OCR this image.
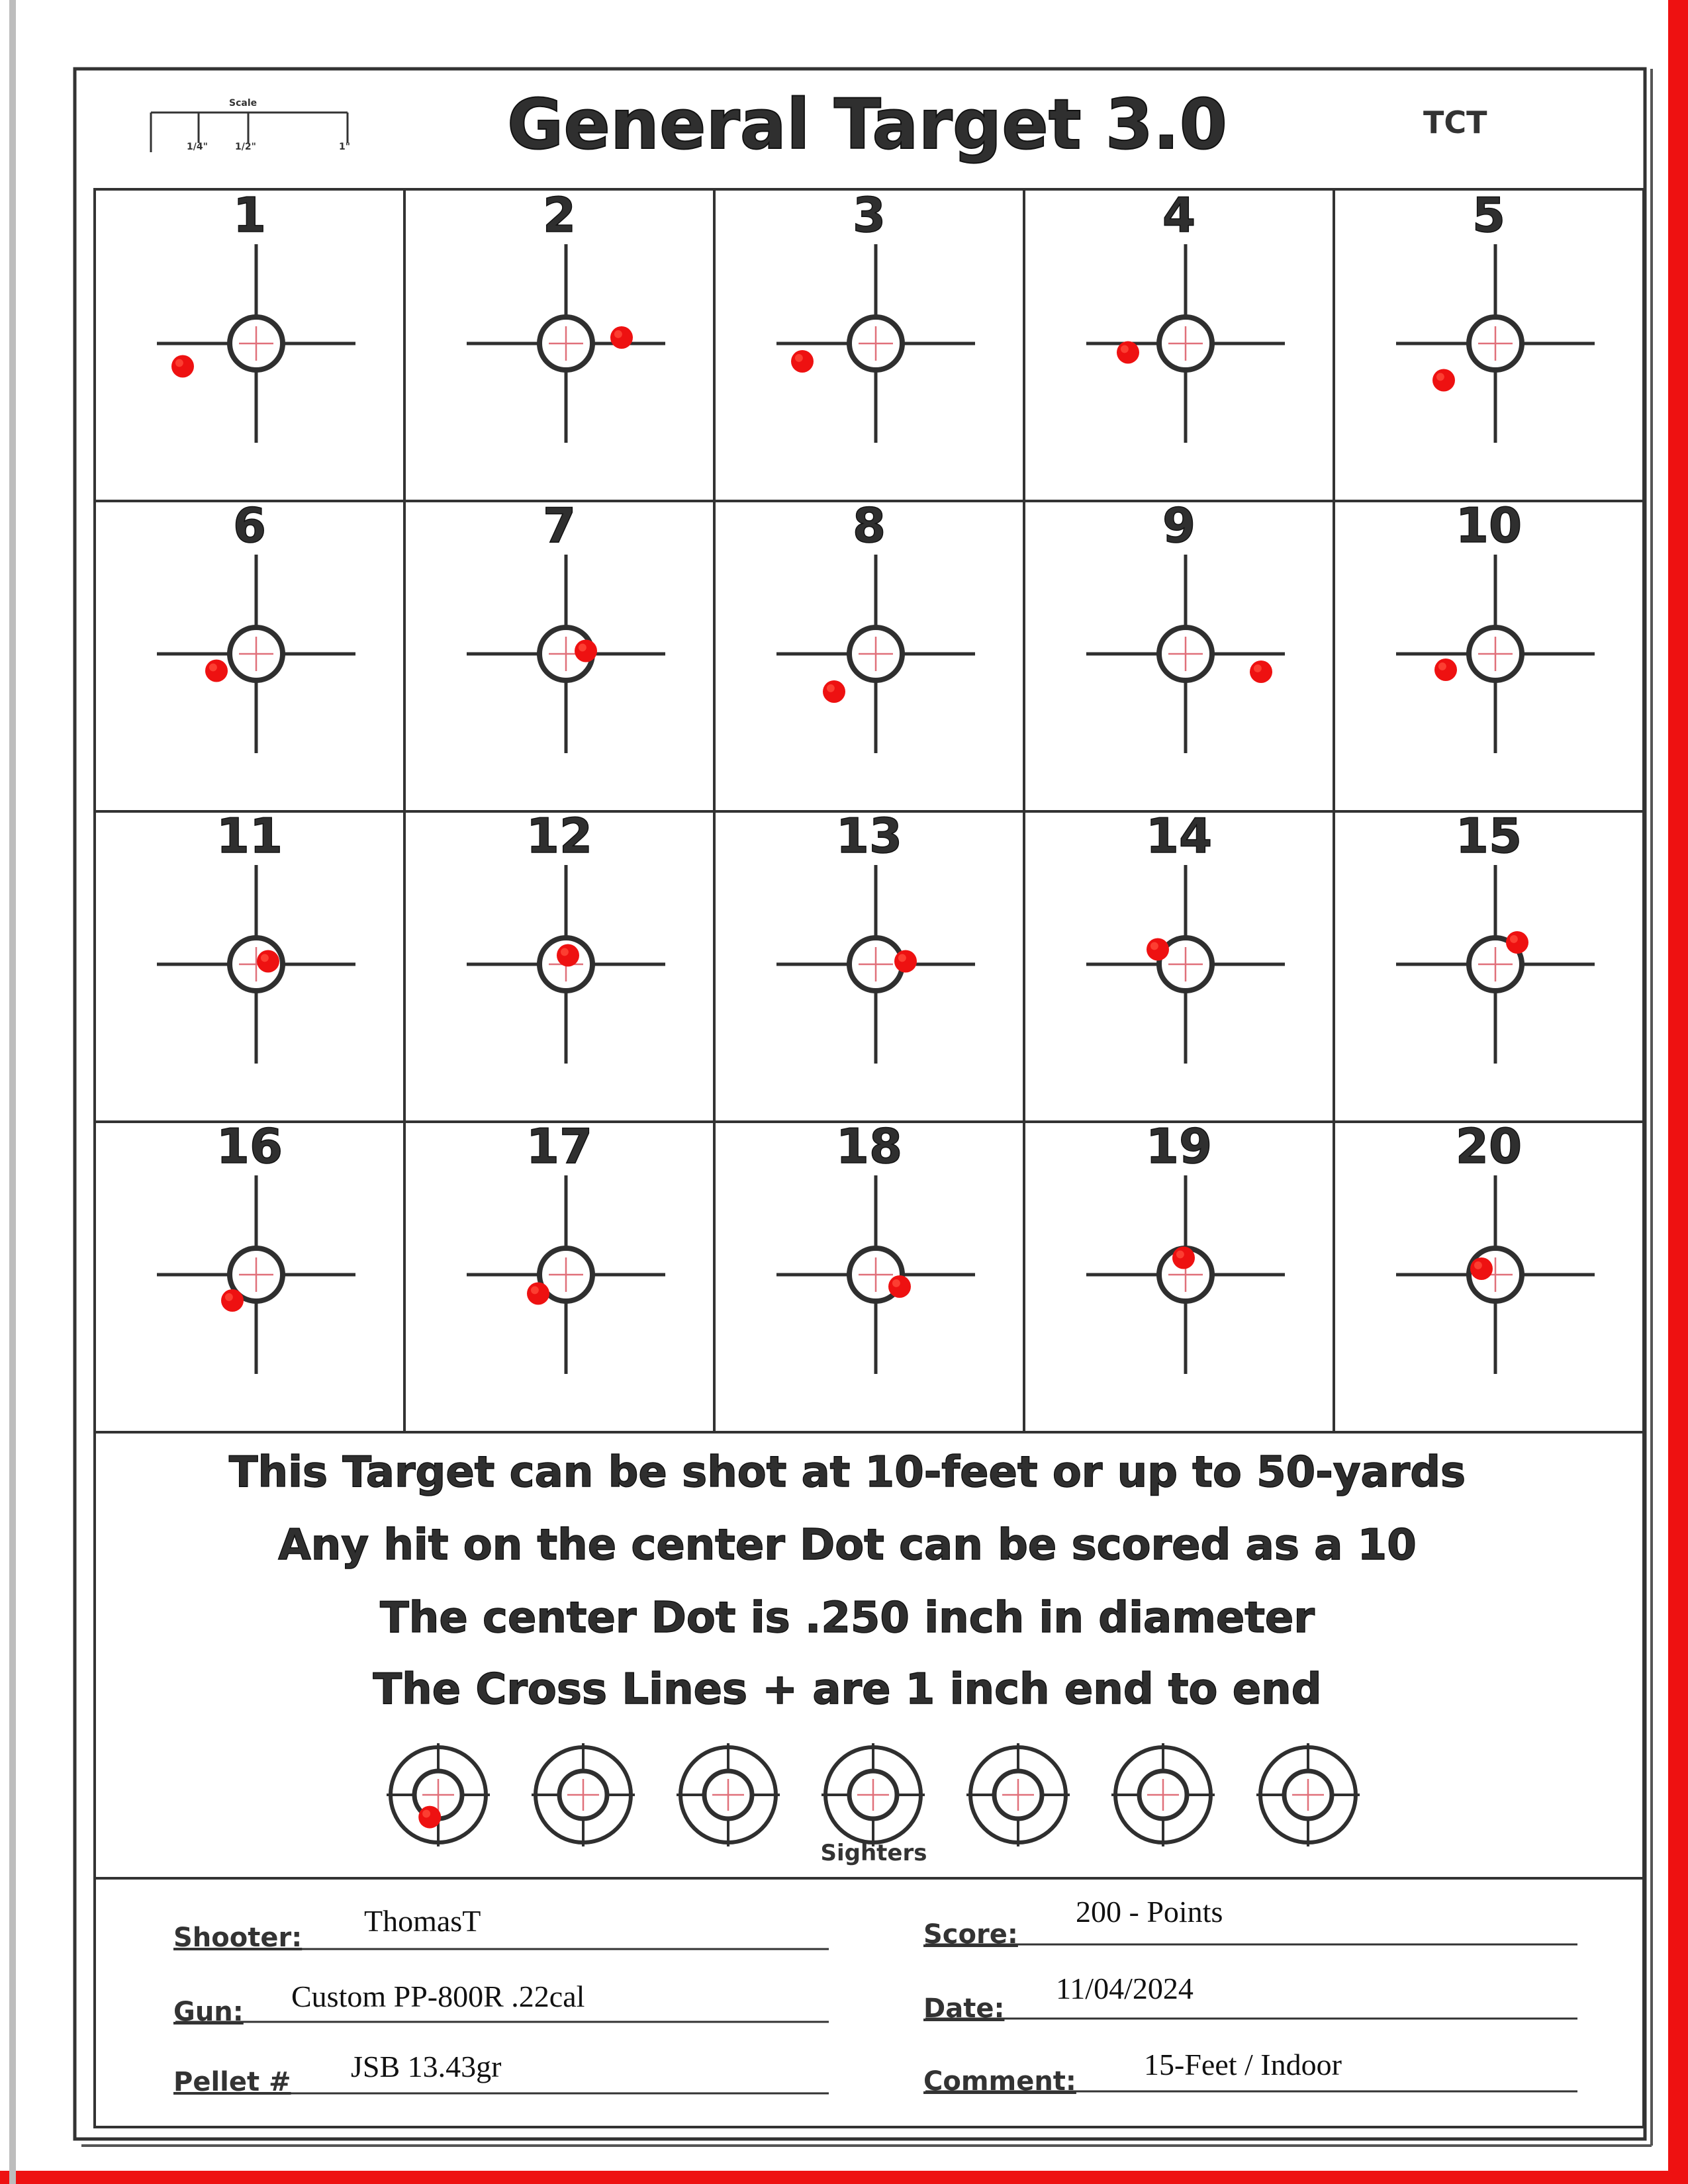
General Target 3.0	TCT
Scale
1/4"	1/2"	1"
1	2	3	4	5
6	7	8	9	10
11	12	13	14	15
16	17	18	19	20
This Target can be shot at 10-feet or up to 50-yards
Any hit on the center Dot can be scored as a 10
The center Dot is .250 inch in diameter
The Cross Lines + are 1 inch end to end
Sighters
Shooter: ThomasT
Gun: Custom PP-800R .22cal
Pellet # JSB 13.43gr
Score:
200 - Points
Date:
11/04/2024
Comment: 15-Feet / Indoor
